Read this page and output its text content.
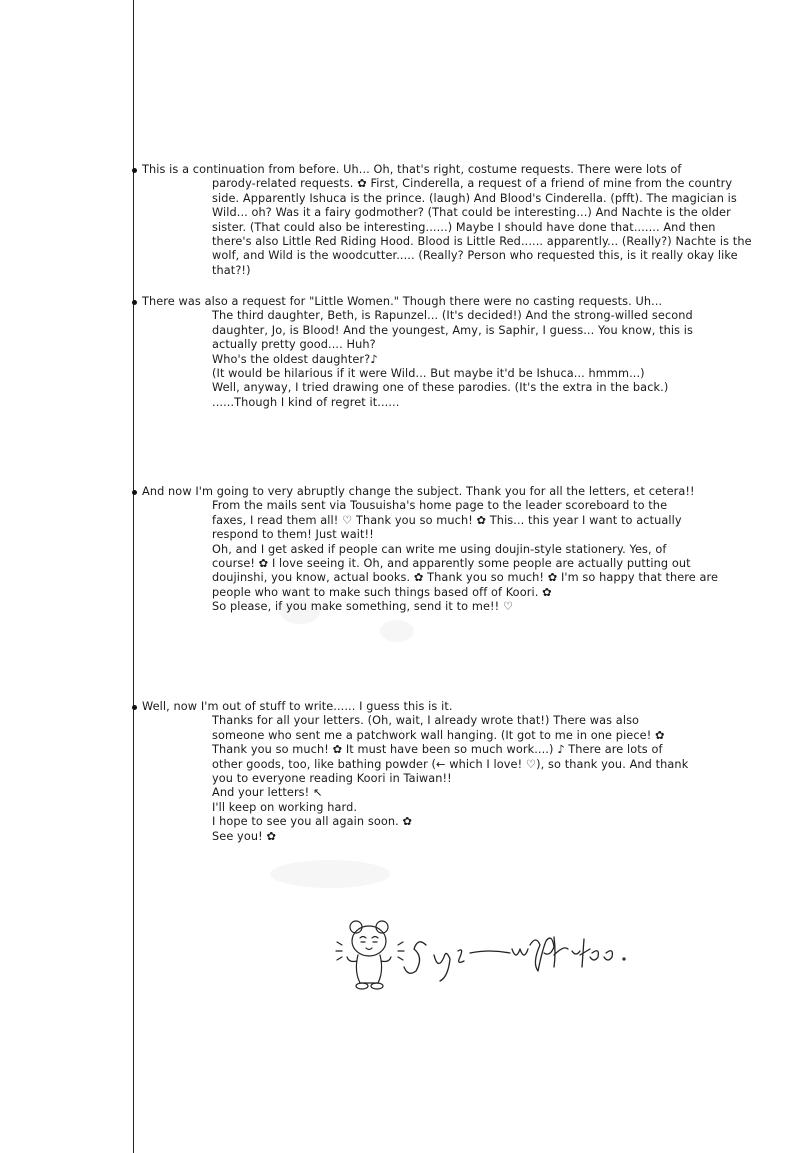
This is a continuation from before. Uh... Oh, that's right, costume requests. There were lots of
parody-related requests. ✿ First, Cinderella, a request of a friend of mine from the country
side. Apparently Ishuca is the prince. (laugh) And Blood's Cinderella. (pfft). The magician is
Wild... oh? Was it a fairy godmother? (That could be interesting...) And Nachte is the older
sister. (That could also be interesting......) Maybe I should have done that....... And then
there's also Little Red Riding Hood. Blood is Little Red...... apparently... (Really?) Nachte is the
wolf, and Wild is the woodcutter..... (Really? Person who requested this, is it really okay like
that?!)
There was also a request for "Little Women." Though there were no casting requests. Uh...
The third daughter, Beth, is Rapunzel... (It's decided!) And the strong-willed second
daughter, Jo, is Blood! And the youngest, Amy, is Saphir, I guess... You know, this is
actually pretty good.... Huh?
Who's the oldest daughter?♪
(It would be hilarious if it were Wild... But maybe it'd be Ishuca... hmmm...)
Well, anyway, I tried drawing one of these parodies. (It's the extra in the back.)
......Though I kind of regret it......
And now I'm going to very abruptly change the subject. Thank you for all the letters, et cetera!!
From the mails sent via Tousuisha's home page to the leader scoreboard to the
faxes, I read them all! ♡ Thank you so much! ✿ This... this year I want to actually
respond to them! Just wait!!
Oh, and I get asked if people can write me using doujin-style stationery. Yes, of
course! ✿ I love seeing it. Oh, and apparently some people are actually putting out
doujinshi, you know, actual books. ✿ Thank you so much! ✿ I'm so happy that there are
people who want to make such things based off of Koori. ✿
So please, if you make something, send it to me!! ♡
Well, now I'm out of stuff to write...... I guess this is it.
Thanks for all your letters. (Oh, wait, I already wrote that!) There was also
someone who sent me a patchwork wall hanging. (It got to me in one piece! ✿
Thank you so much! ✿ It must have been so much work....) ♪ There are lots of
other goods, too, like bathing powder (← which I love! ♡), so thank you. And thank
you to everyone reading Koori in Taiwan!!
And your letters! ↖
I'll keep on working hard.
I hope to see you all again soon. ✿
See you! ✿
